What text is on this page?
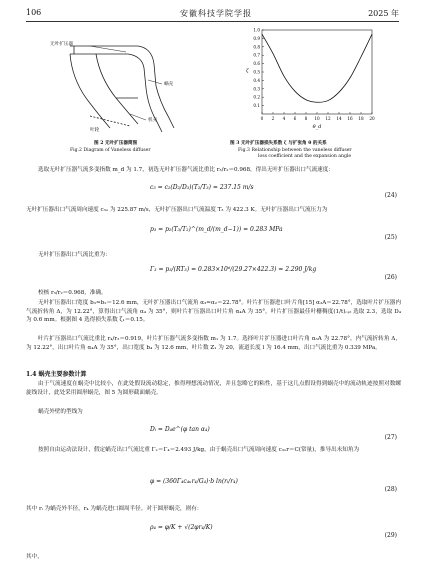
106	安徽科技学院学报	2025 年
无叶扩压器
蜗壳
机壳
叶轮
图 2 无叶扩压器简图
Fig.2 Diagram of Vaneless diffuser
0 2 4 6 8 10 12 14 16 18 20
0.1
0.2
0.3
0.4
0.5
0.6
0.7
0.8
0.9
1.0
ζ
θ_d
图 3 无叶扩压器损失系数 ζ 与扩张角 θ 的关系
Fig.3 Relationship between the vaneless diffuser
loss coefficient and the expansion angle
选取无叶扩压器气流多变指数 m_d 为 1.7，初选无叶扩压器气流比重比 r₃/r₂＝0.968，得出无叶扩压器出口气流速度：
c₃ = c₂(D₂/D₃)(T₂/T₃) = 237.15 m/s
(24)
无叶扩压器出口气流周向速度 c₃ᵤ 为 225.87 m/s，无叶扩压器出口气流温度 T₃ 为 422.3 K。无叶扩压器出口气流压力为
p₃ = p₂(T₃/T₂)^(m_d/(m_d−1)) = 0.283 MPa
(25)
无叶扩压器出口气流比重为：
Γ₃ = p₃/(RT₃) = 0.283×10⁶/(29.27×422.3) = 2.290 J/kg
(26)
校核 r₃/r₂＝0.968，准确。
无叶扩压器出口宽度 b₃≈b₂＝12.6 mm，无叶扩压器出口气流角 α₃≈α₂＝22.78°。叶片扩压器进口叶片角[15] α₃A＝22.78°，选取叶片扩压器内气流折转角 Δ，为 12.22°，算得出口气流角 α₄ 为 35°，则叶片扩压器出口叶片角 α₄A 为 35°，叶片扩压器最佳叶栅稠度(1/t)ₒₚₜ 选取 2.3，选取 D₄ 为 0.6 mm。根据图 4 选得损失系数 ζ₁＝0.15。
叶片扩压器出口气流比重比 r₄/r₃＝0.919，叶片扩压器气流多变指数 m₁ 为 1.7。选择叶片扩压器进口叶片角 α₃A 为 22.78°，内气流折转角 Δ，为 12.22°，出口叶片角 α₄A 为 35°，出口宽度 b₄ 为 12.6 mm，叶片数 Z₁ 为 20，流道长度 l 为 16.4 mm，出口气流比重为 0.339 MPa。
1.4 蜗壳主要参数计算
由于气流速度在蜗壳中比较小，在此处假设流动稳定，推得理想流动情况，并且忽略它的粘性，基于这几点假设得到蜗壳中的流动轨迹按照对数螺旋线设计，此处采用圆形蜗壳，图 5 为圆形截面蜗壳。
蜗壳外壁的型线为
Dᵢ = D₄e^(φ tan α₄)
(27)
按照自由运动法设计，假定蜗壳出口气流比重 Γₓ＝Γ₄＝2.493 J/kg，由于蜗壳出口气流周向速度 c₃ᵤr＝C(常量)，推导出未知角为
φ = (360Γ₄c₄ᵤr₄/G₄)·b ln(rᵢ/r₄)
(28)
其中 rᵢ 为蜗壳外半径，r₄ 为蜗壳进口圆周半径。对于圆形蜗壳，则有：
ρ₄ = φ/K + √(2φr₄/K)
(29)
其中，
